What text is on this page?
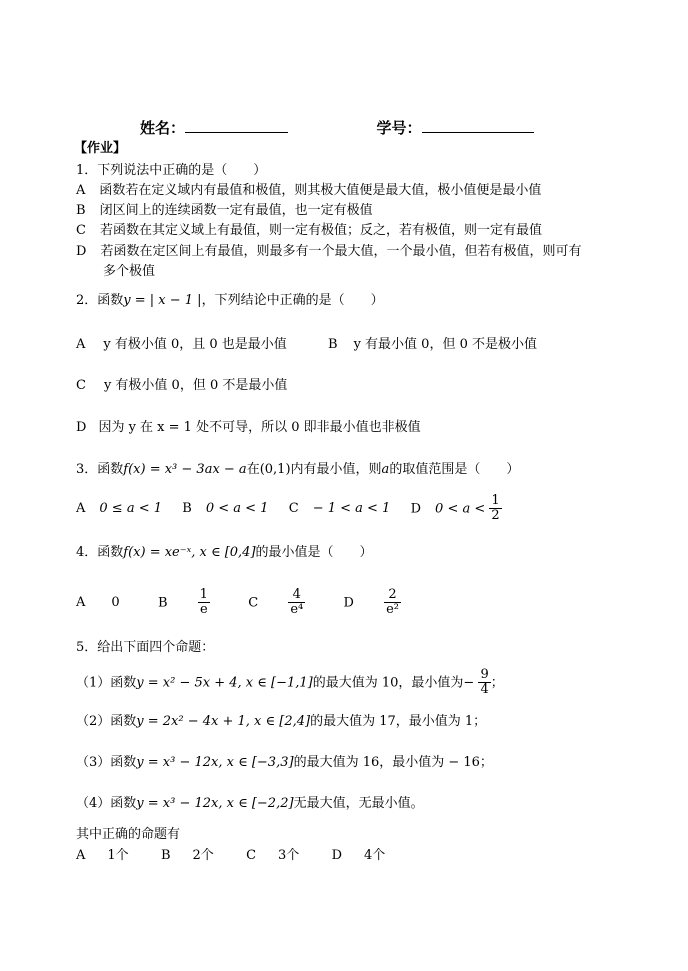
姓名：	学号：
【作业】
1．下列说法中正确的是（　　）
A 函数若在定义域内有最值和极值，则其极大值便是最大值，极小值便是最小值
B 闭区间上的连续函数一定有最值，也一定有极值
C 若函数在其定义域上有最值，则一定有极值；反之，若有极值，则一定有最值
D 若函数在定区间上有最值，则最多有一个最大值，一个最小值，但若有极值，则可有
多个极值
2．函数y = | x − 1 |，下列结论中正确的是（　　）
A y 有极小值 0，且 0 也是最小值	B y 有最小值 0，但 0 不是极小值
C y 有极小值 0，但 0 不是最小值
D 因为 y 在 x = 1 处不可导，所以 0 即非最小值也非极值
3．函数f(x) = x³ − 3ax − a在(0,1)内有最小值，则a的取值范围是（　　）
A 0 ≤ a < 1 B 0 < a < 1 C − 1 < a < 1 D $0 < a < \frac{1}{2}$
4．函数f(x) = xe⁻ˣ, x ∈ [0,4]的最小值是（　　）
A 0	B $\frac{1}{e}$	C $\frac{4}{\text{e⁴}}$	D $\frac{2}{\text{e²}}$
5．给出下面四个命题：
（1）函数y = x² − 5x + 4, x ∈ [−1,1]的最大值为 10，最小值为− $\frac{9}{4}$ ；
（2）函数y = 2x² − 4x + 1, x ∈ [2,4]的最大值为 17，最小值为 1；
（3）函数y = x³ − 12x, x ∈ [−3,3]的最大值为 16，最小值为 − 16；
（4）函数y = x³ − 12x, x ∈ [−2,2]无最大值，无最小值。
其中正确的命题有
A 1个 B 2个 C 3个 D 4个
